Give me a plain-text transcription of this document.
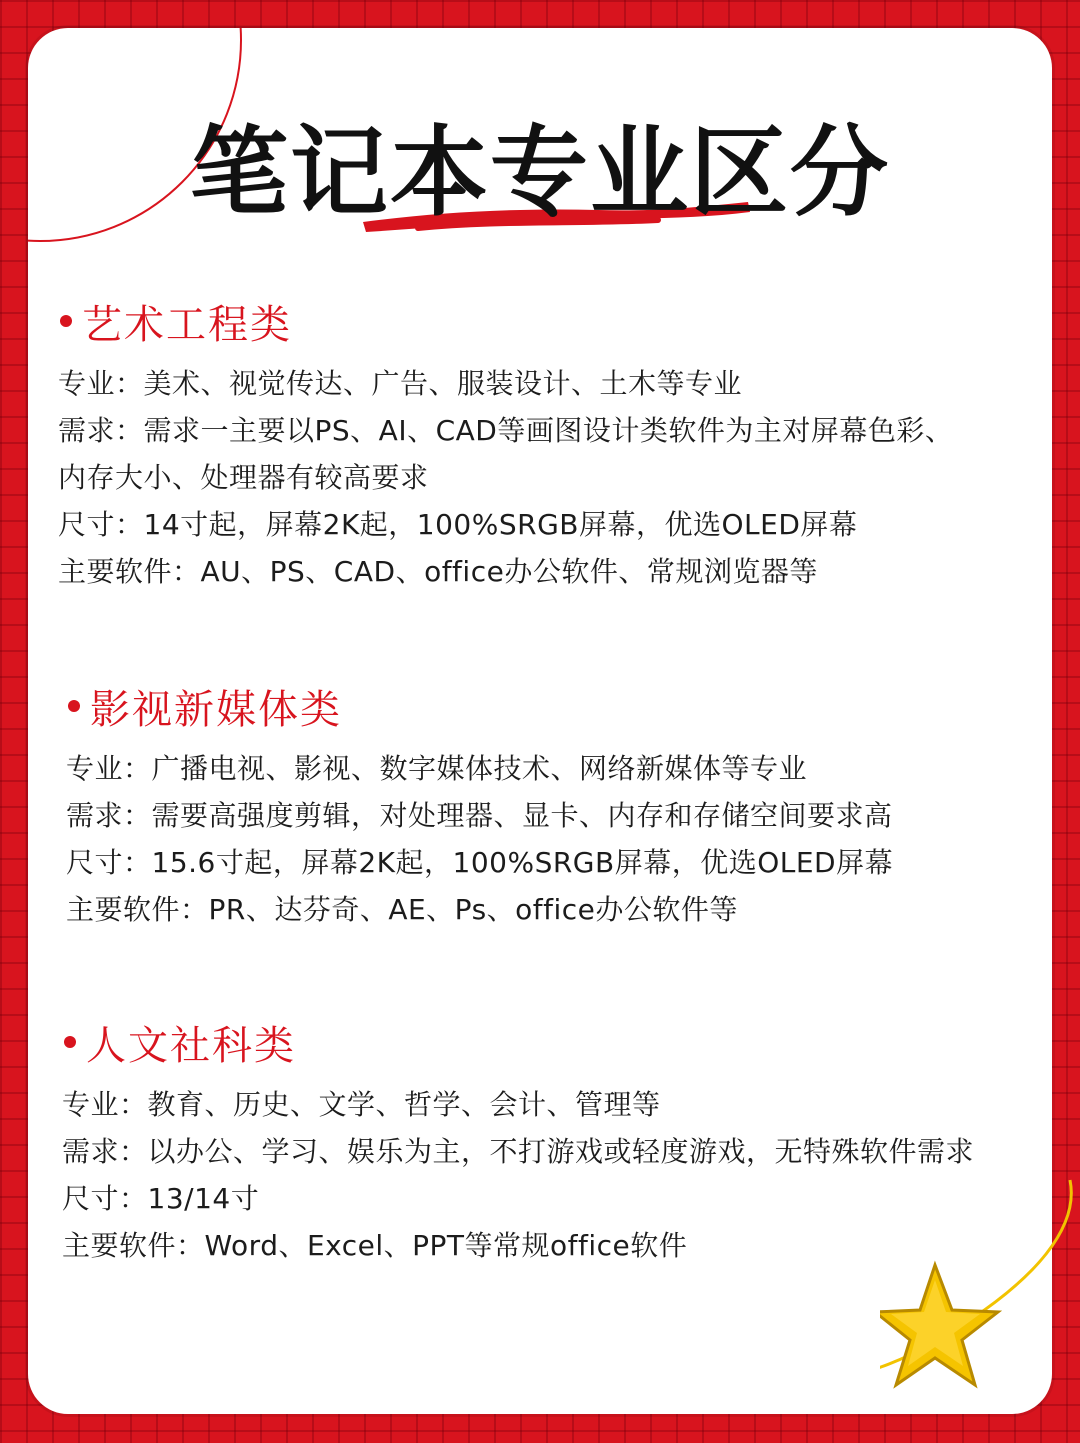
笔记本专业区分
艺术工程类
专业：美术、视觉传达、广告、服装设计、土木等专业
需求：需求一主要以PS、AI、CAD等画图设计类软件为主对屏幕色彩、
内存大小、处理器有较高要求
尺寸：14寸起，屏幕2K起，100%SRGB屏幕，优选OLED屏幕
主要软件：AU、PS、CAD、office办公软件、常规浏览器等
影视新媒体类
专业：广播电视、影视、数字媒体技术、网络新媒体等专业
需求：需要高强度剪辑，对处理器、显卡、内存和存储空间要求高
尺寸：15.6寸起，屏幕2K起，100%SRGB屏幕，优选OLED屏幕
主要软件：PR、达芬奇、AE、Ps、office办公软件等
人文社科类
专业：教育、历史、文学、哲学、会计、管理等
需求：以办公、学习、娱乐为主，不打游戏或轻度游戏，无特殊软件需求
尺寸：13/14寸
主要软件：Word、Excel、PPT等常规office软件
